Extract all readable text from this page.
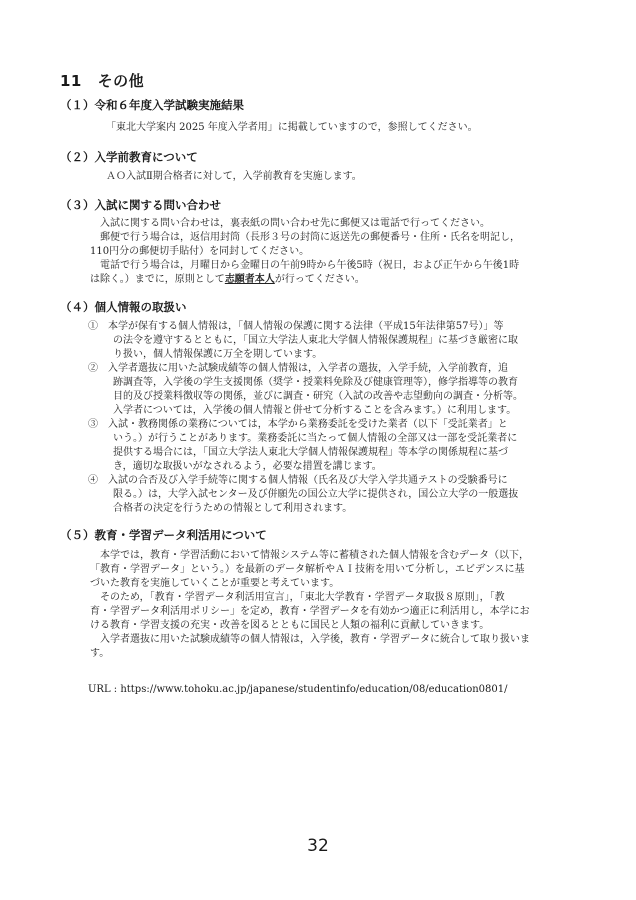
11 その他
（１）令和６年度入学試験実施結果
「東北大学案内 2025 年度入学者用」に掲載していますので，参照してください。
（２）入学前教育について
ＡＯ入試Ⅱ期合格者に対して，入学前教育を実施します。
（３）入試に関する問い合わせ
入試に関する問い合わせは，裏表紙の問い合わせ先に郵便又は電話で行ってください。
郵便で行う場合は，返信用封筒（長形３号の封筒に返送先の郵便番号・住所・氏名を明記し，
110円分の郵便切手貼付）を同封してください。
電話で行う場合は，月曜日から金曜日の午前9時から午後5時（祝日，および正午から午後1時
は除く。）までに，原則として志願者本人が行ってください。
（４）個人情報の取扱い
①　本学が保有する個人情報は，「個人情報の保護に関する法律（平成15年法律第57号）」等
の法令を遵守するとともに，「国立大学法人東北大学個人情報保護規程」に基づき厳密に取
り扱い，個人情報保護に万全を期しています。
②　入学者選抜に用いた試験成績等の個人情報は，入学者の選抜，入学手続，入学前教育，追
跡調査等，入学後の学生支援関係（奨学・授業料免除及び健康管理等），修学指導等の教育
目的及び授業料徴収等の関係，並びに調査・研究（入試の改善や志望動向の調査・分析等。
入学者については，入学後の個人情報と併せて分析することを含みます。）に利用します。
③　入試・教務関係の業務については，本学から業務委託を受けた業者（以下「受託業者」と
いう。）が行うことがあります。業務委託に当たって個人情報の全部又は一部を受託業者に
提供する場合には，「国立大学法人東北大学個人情報保護規程」等本学の関係規程に基づ
き，適切な取扱いがなされるよう，必要な措置を講じます。
④　入試の合否及び入学手続等に関する個人情報（氏名及び大学入学共通テストの受験番号に
限る。）は，大学入試センター及び併願先の国公立大学に提供され，国公立大学の一般選抜
合格者の決定を行うための情報として利用されます。
（５）教育・学習データ利活用について
本学では，教育・学習活動において情報システム等に蓄積された個人情報を含むデータ（以下，
「教育・学習データ」という。）を最新のデータ解析やＡＩ技術を用いて分析し，エビデンスに基
づいた教育を実施していくことが重要と考えています。
そのため，「教育・学習データ利活用宣言」，「東北大学教育・学習データ取扱８原則」，「教
育・学習データ利活用ポリシー」を定め，教育・学習データを有効かつ適正に利活用し，本学にお
ける教育・学習支援の充実・改善を図るとともに国民と人類の福利に貢献していきます。
入学者選抜に用いた試験成績等の個人情報は，入学後，教育・学習データに統合して取り扱いま
す。
URL : https://www.tohoku.ac.jp/japanese/studentinfo/education/08/education0801/
32
